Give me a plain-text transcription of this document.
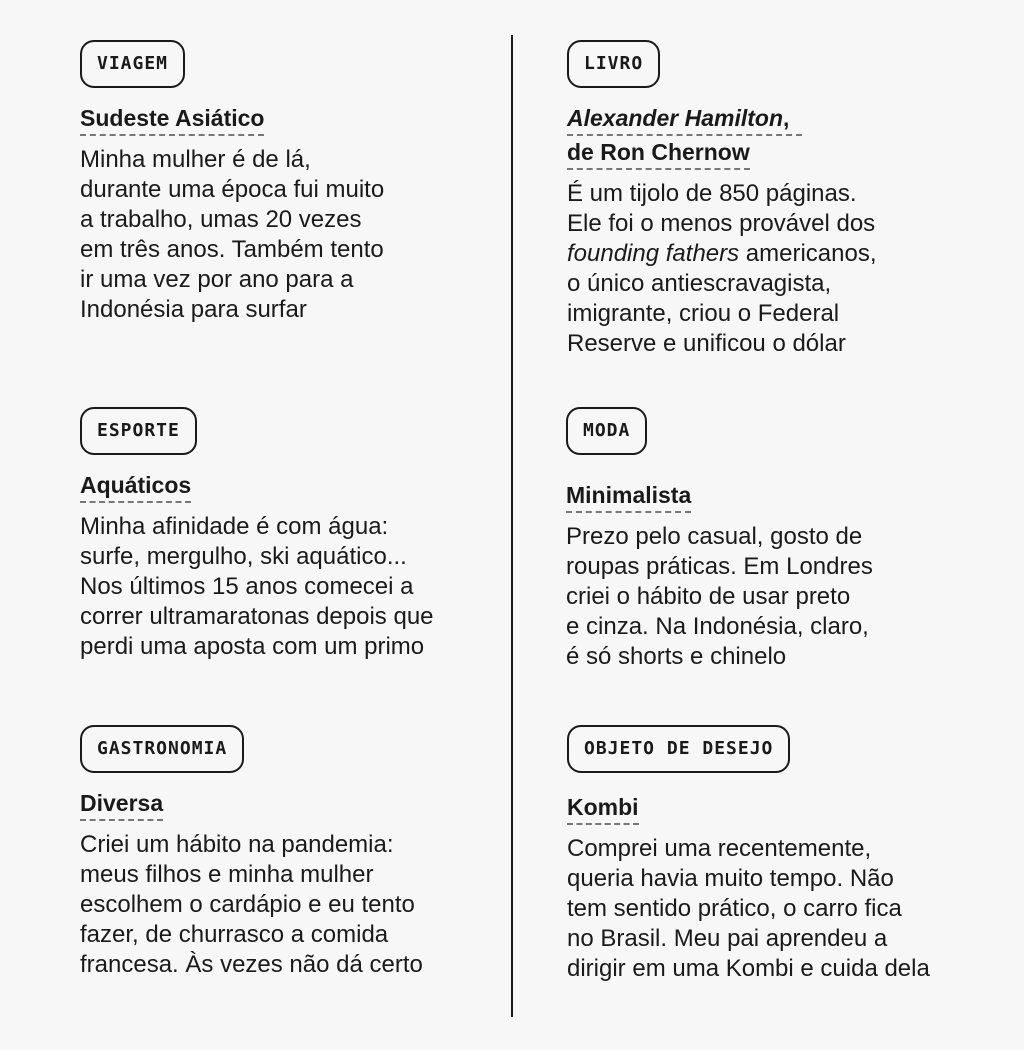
VIAGEM
Sudeste Asiático
Minha mulher é de lá,
durante uma época fui muito
a trabalho, umas 20 vezes
em três anos. Também tento
ir uma vez por ano para a
Indonésia para surfar
LIVRO
Alexander Hamilton,
de Ron Chernow
É um tijolo de 850 páginas.
Ele foi o menos provável dos
founding fathers americanos,
o único antiescravagista,
imigrante, criou o Federal
Reserve e unificou o dólar
ESPORTE
Aquáticos
Minha afinidade é com água:
surfe, mergulho, ski aquático...
Nos últimos 15 anos comecei a
correr ultramaratonas depois que
perdi uma aposta com um primo
MODA
Minimalista
Prezo pelo casual, gosto de
roupas práticas. Em Londres
criei o hábito de usar preto
e cinza. Na Indonésia, claro,
é só shorts e chinelo
GASTRONOMIA
Diversa
Criei um hábito na pandemia:
meus filhos e minha mulher
escolhem o cardápio e eu tento
fazer, de churrasco a comida
francesa. Às vezes não dá certo
OBJETO DE DESEJO
Kombi
Comprei uma recentemente,
queria havia muito tempo. Não
tem sentido prático, o carro fica
no Brasil. Meu pai aprendeu a
dirigir em uma Kombi e cuida dela
